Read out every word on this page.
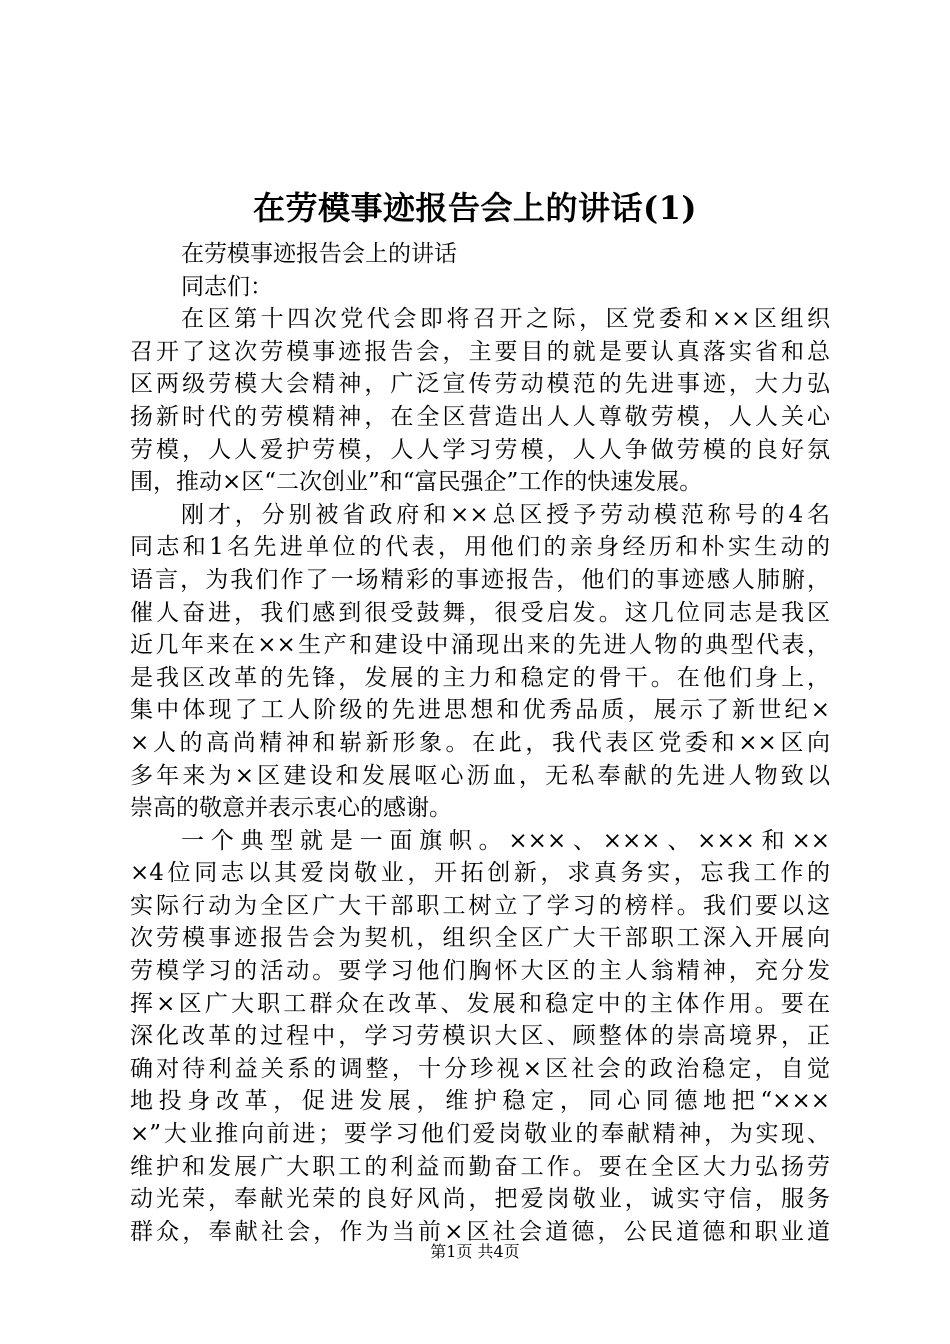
在劳模事迹报告会上的讲话(1)
在劳模事迹报告会上的讲话
同志们：
在区第十四次党代会即将召开之际，区党委和××区组织
召开了这次劳模事迹报告会，主要目的就是要认真落实省和总
区两级劳模大会精神，广泛宣传劳动模范的先进事迹，大力弘
扬新时代的劳模精神，在全区营造出人人尊敬劳模，人人关心
劳模，人人爱护劳模，人人学习劳模，人人争做劳模的良好氛
围，推动×区“二次创业”和“富民强企”工作的快速发展。
刚才，分别被省政府和××总区授予劳动模范称号的4名
同志和1名先进单位的代表，用他们的亲身经历和朴实生动的
语言，为我们作了一场精彩的事迹报告，他们的事迹感人肺腑，
催人奋进，我们感到很受鼓舞，很受启发。这几位同志是我区
近几年来在××生产和建设中涌现出来的先进人物的典型代表，
是我区改革的先锋，发展的主力和稳定的骨干。在他们身上，
集中体现了工人阶级的先进思想和优秀品质，展示了新世纪×
×人的高尚精神和崭新形象。在此，我代表区党委和××区向
多年来为×区建设和发展呕心沥血，无私奉献的先进人物致以
崇高的敬意并表示衷心的感谢。
一个典型就是一面旗帜。×××、×××、×××和××
×4位同志以其爱岗敬业，开拓创新，求真务实，忘我工作的
实际行动为全区广大干部职工树立了学习的榜样。我们要以这
次劳模事迹报告会为契机，组织全区广大干部职工深入开展向
劳模学习的活动。要学习他们胸怀大区的主人翁精神，充分发
挥×区广大职工群众在改革、发展和稳定中的主体作用。要在
深化改革的过程中，学习劳模识大区、顾整体的崇高境界，正
确对待利益关系的调整，十分珍视×区社会的政治稳定，自觉
地投身改革，促进发展，维护稳定，同心同德地把“×××
×”大业推向前进；要学习他们爱岗敬业的奉献精神，为实现、
维护和发展广大职工的利益而勤奋工作。要在全区大力弘扬劳
动光荣，奉献光荣的良好风尚，把爱岗敬业，诚实守信，服务
群众，奉献社会，作为当前×区社会道德，公民道德和职业道
第1页 共4页
